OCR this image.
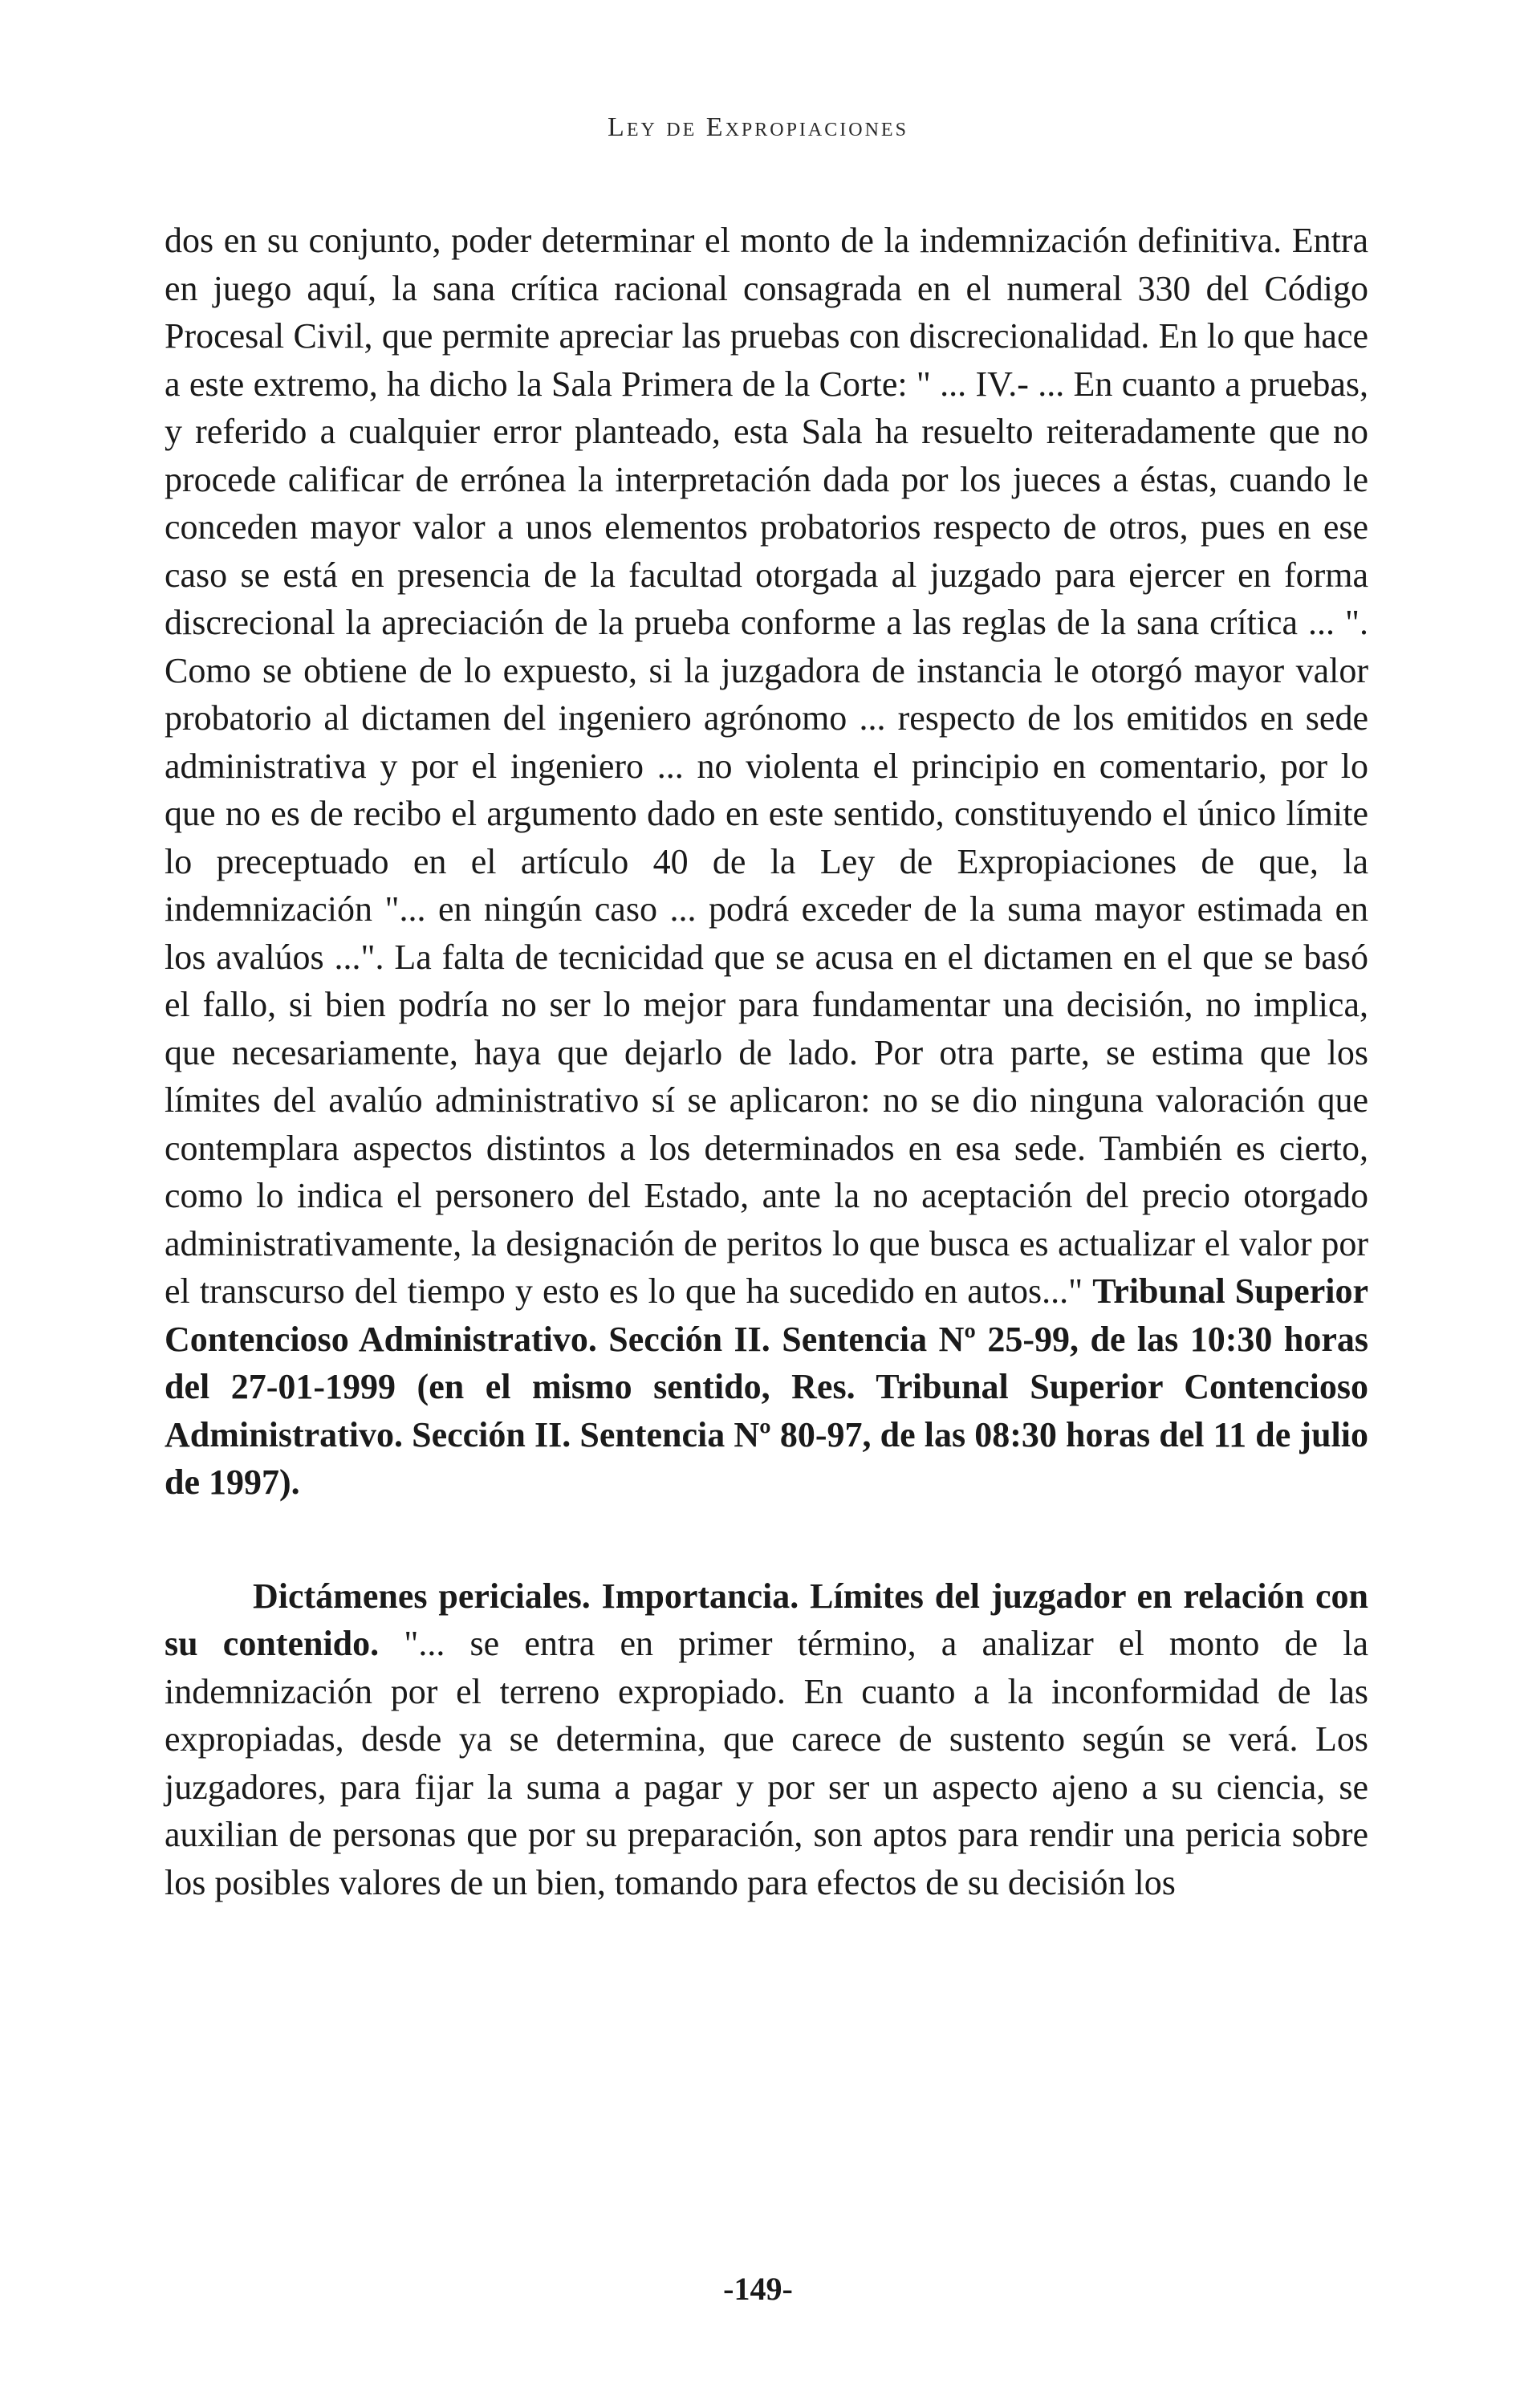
Ley de Expropiaciones

dos en su conjunto, poder determinar el monto de la indemnización definitiva. Entra en juego aquí, la sana crítica racional consagrada en el numeral 330 del Código Procesal Civil, que permite apreciar las pruebas con discrecionalidad. En lo que hace a este extremo, ha dicho la Sala Primera de la Corte: " ... IV.- ... En cuanto a pruebas, y referido a cualquier error planteado, esta Sala ha resuelto reiteradamente que no procede calificar de errónea la interpretación dada por los jueces a éstas, cuando le conceden mayor valor a unos elementos probatorios respecto de otros, pues en ese caso se está en presencia de la facultad otorgada al juzgado para ejercer en forma discrecional la apreciación de la prueba conforme a las reglas de la sana crítica ... ". Como se obtiene de lo expuesto, si la juzgadora de instancia le otorgó mayor valor probatorio al dictamen del ingeniero agrónomo ... respecto de los emitidos en sede administrativa y por el ingeniero ... no violenta el principio en comentario, por lo que no es de recibo el argumento dado en este sentido, constituyendo el único límite lo preceptuado en el artículo 40 de la Ley de Expropiaciones de que, la indemnización "... en ningún caso ... podrá exceder de la suma mayor estimada en los avalúos ...". La falta de tecnicidad que se acusa en el dictamen en el que se basó el fallo, si bien podría no ser lo mejor para fundamentar una decisión, no implica, que necesariamente, haya que dejarlo de lado. Por otra parte, se estima que los límites del avalúo administrativo sí se aplicaron: no se dio ninguna valoración que contemplara aspectos distintos a los determinados en esa sede. También es cierto, como lo indica el personero del Estado, ante la no aceptación del precio otorgado administrativamente, la designación de peritos lo que busca es actualizar el valor por el transcurso del tiempo y esto es lo que ha sucedido en autos..." Tribunal Superior Contencioso Administrativo. Sección II. Sentencia Nº 25-99, de las 10:30 horas del 27-01-1999 (en el mismo sentido, Res. Tribunal Superior Contencioso Administrativo. Sección II. Sentencia Nº 80-97, de las 08:30 horas del 11 de julio de 1997).

Dictámenes periciales. Importancia. Límites del juzgador en relación con su contenido. "... se entra en primer término, a analizar el monto de la indemnización por el terreno expropiado. En cuanto a la inconformidad de las expropiadas, desde ya se determina, que carece de sustento según se verá. Los juzgadores, para fijar la suma a pagar y por ser un aspecto ajeno a su ciencia, se auxilian de personas que por su preparación, son aptos para rendir una pericia sobre los posibles valores de un bien, tomando para efectos de su decisión los

-149-
